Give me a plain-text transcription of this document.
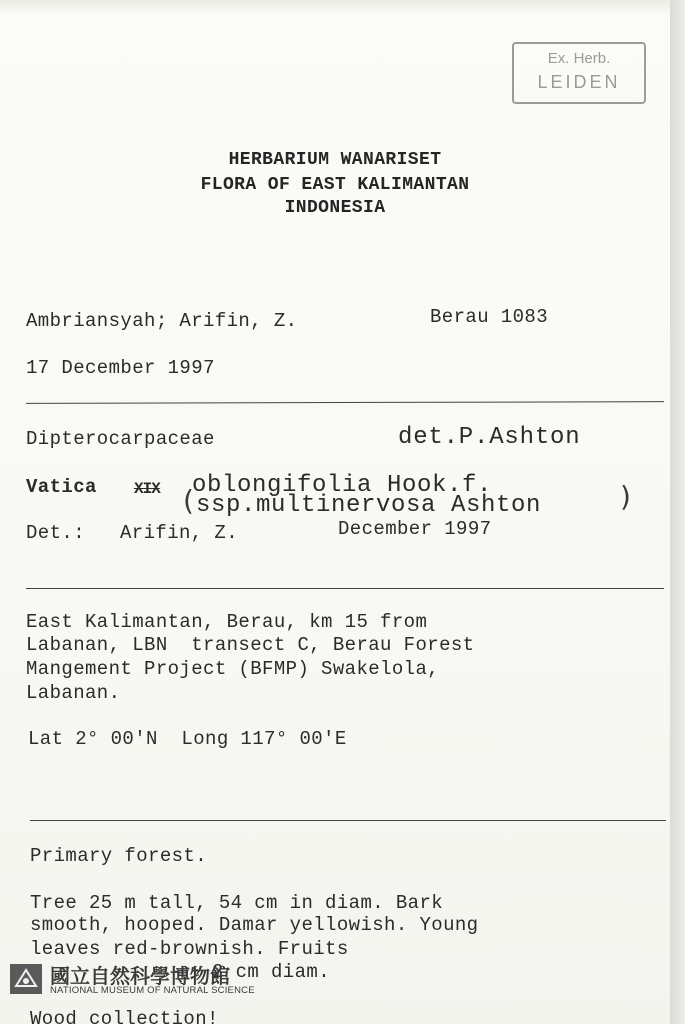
Ex. Herb.
LEIDEN
HERBARIUM WANARISET
FLORA OF EAST KALIMANTAN
INDONESIA
Ambriansyah; Arifin, Z.	Berau 1083
17 December 1997
Dipterocarpaceae	det.P.Ashton
Vatica XIX oblongifolia Hook.f.
( ssp.multinervosa Ashton	)
Det.: Arifin, Z.	December 1997
East Kalimantan, Berau, km 15 from
Labanan, LBN  transect C, Berau Forest
Mangement Project (BFMP) Swakelola,
Labanan.
Lat 2° 00'N  Long 117° 00'E
Primary forest.
Tree 25 m tall, 54 cm in diam. Bark
smooth, hooped. Damar yellowish. Young
leaves red-brownish. Fruits
2 cm diam.
Wood collection!
國立自然科學博物館
NATIONAL MUSEUM OF NATURAL SCIENCE
